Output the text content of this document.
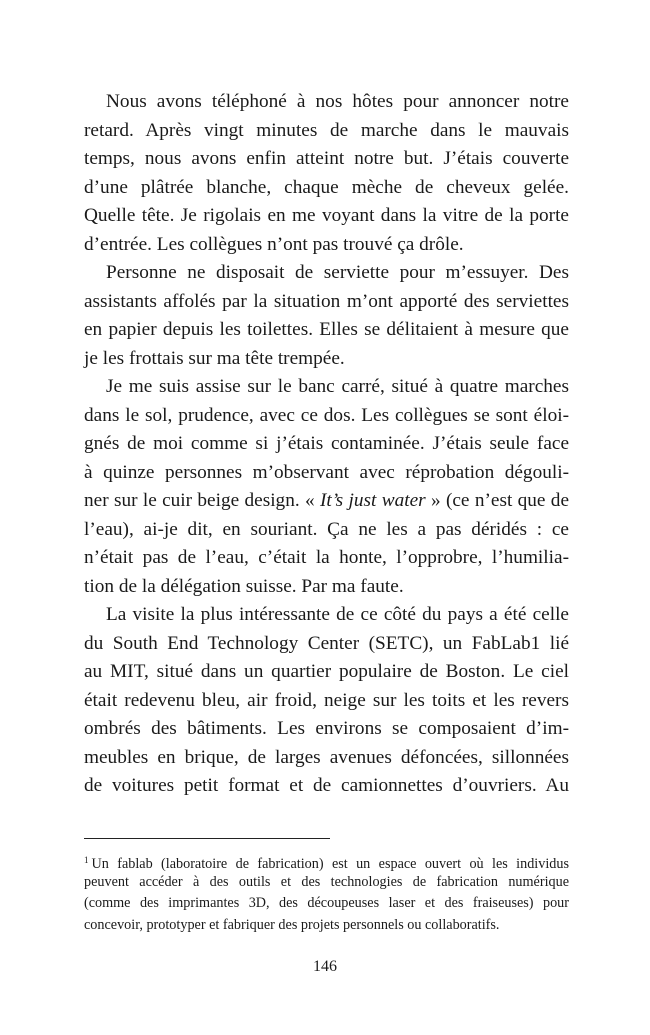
Nous avons téléphoné à nos hôtes pour annoncer notre
retard. Après vingt minutes de marche dans le mauvais
temps, nous avons enfin atteint notre but. J’étais couverte
d’une plâtrée blanche, chaque mèche de cheveux gelée.
Quelle tête. Je rigolais en me voyant dans la vitre de la porte
d’entrée. Les collègues n’ont pas trouvé ça drôle.
Personne ne disposait de serviette pour m’essuyer. Des
assistants affolés par la situation m’ont apporté des serviettes
en papier depuis les toilettes. Elles se délitaient à mesure que
je les frottais sur ma tête trempée.
Je me suis assise sur le banc carré, situé à quatre marches
dans le sol, prudence, avec ce dos. Les collègues se sont éloi-
gnés de moi comme si j’étais contaminée. J’étais seule face
à quinze personnes m’observant avec réprobation dégouli-
ner sur le cuir beige design. « It’s just water » (ce n’est que de
l’eau), ai-je dit, en souriant. Ça ne les a pas déridés : ce
n’était pas de l’eau, c’était la honte, l’opprobre, l’humilia-
tion de la délégation suisse. Par ma faute.
La visite la plus intéressante de ce côté du pays a été celle
du South End Technology Center (SETC), un FabLab1 lié
au MIT, situé dans un quartier populaire de Boston. Le ciel
était redevenu bleu, air froid, neige sur les toits et les revers
ombrés des bâtiments. Les environs se composaient d’im-
meubles en brique, de larges avenues défoncées, sillonnées
de voitures petit format et de camionnettes d’ouvriers. Au
$^1$ Un fablab (laboratoire de fabrication) est un espace ouvert où les individus
peuvent accéder à des outils et des technologies de fabrication numérique
(comme des imprimantes 3D, des découpeuses laser et des fraiseuses) pour
concevoir, prototyper et fabriquer des projets personnels ou collaboratifs.
146
